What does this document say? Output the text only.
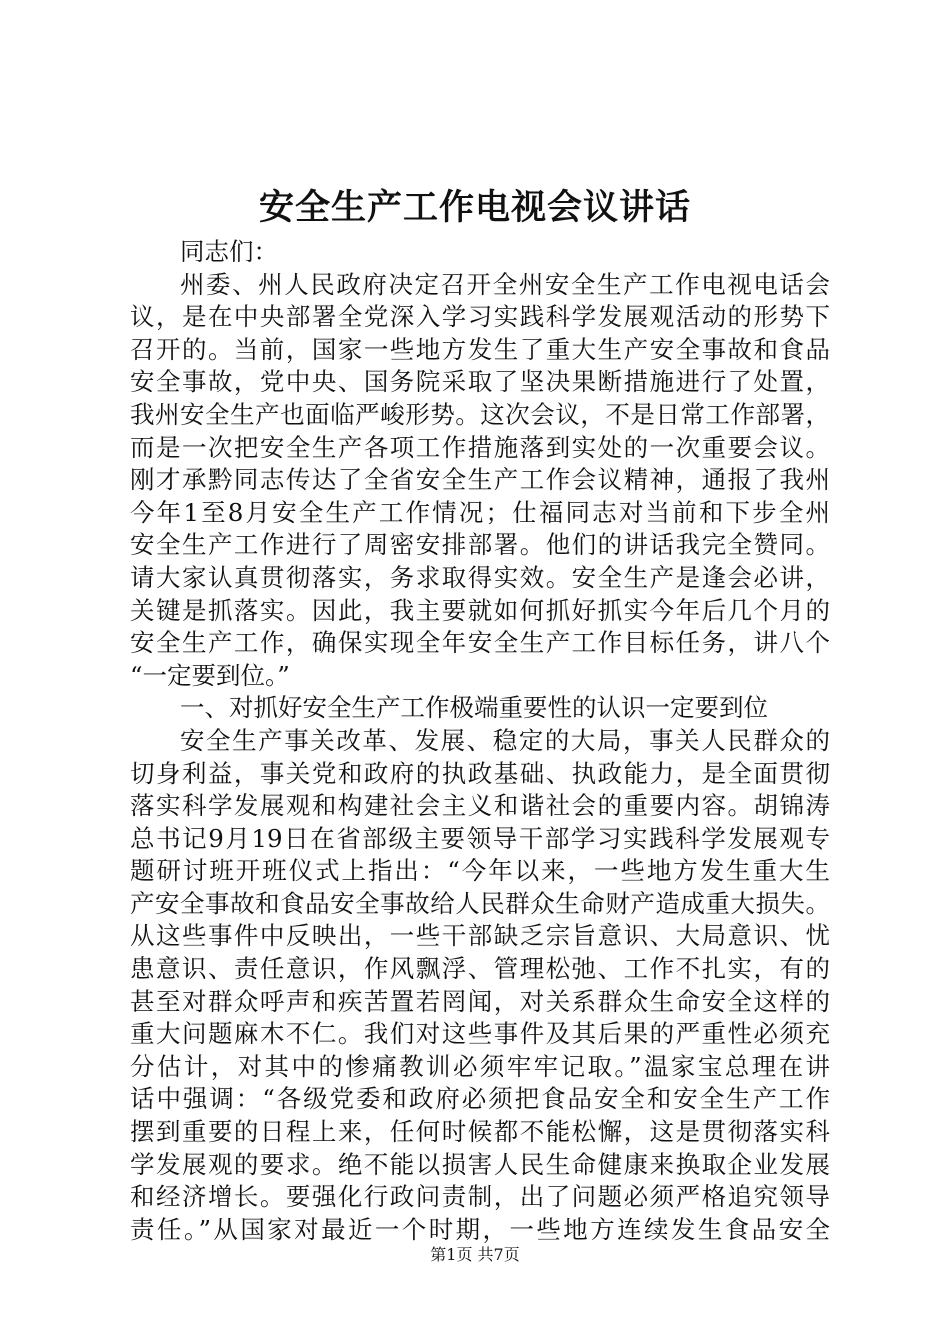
安全生产工作电视会议讲话
同志们：
州委、州人民政府决定召开全州安全生产工作电视电话会
议，是在中央部署全党深入学习实践科学发展观活动的形势下
召开的。当前，国家一些地方发生了重大生产安全事故和食品
安全事故，党中央、国务院采取了坚决果断措施进行了处置，
我州安全生产也面临严峻形势。这次会议，不是日常工作部署，
而是一次把安全生产各项工作措施落到实处的一次重要会议。
刚才承黔同志传达了全省安全生产工作会议精神，通报了我州
今年1至8月安全生产工作情况；仕福同志对当前和下步全州
安全生产工作进行了周密安排部署。他们的讲话我完全赞同。
请大家认真贯彻落实，务求取得实效。安全生产是逢会必讲，
关键是抓落实。因此，我主要就如何抓好抓实今年后几个月的
安全生产工作，确保实现全年安全生产工作目标任务，讲八个
“一定要到位。”
一、对抓好安全生产工作极端重要性的认识一定要到位
安全生产事关改革、发展、稳定的大局，事关人民群众的
切身利益，事关党和政府的执政基础、执政能力，是全面贯彻
落实科学发展观和构建社会主义和谐社会的重要内容。胡锦涛
总书记9月19日在省部级主要领导干部学习实践科学发展观专
题研讨班开班仪式上指出：“今年以来，一些地方发生重大生
产安全事故和食品安全事故给人民群众生命财产造成重大损失。
从这些事件中反映出，一些干部缺乏宗旨意识、大局意识、忧
患意识、责任意识，作风飘浮、管理松弛、工作不扎实，有的
甚至对群众呼声和疾苦置若罔闻，对关系群众生命安全这样的
重大问题麻木不仁。我们对这些事件及其后果的严重性必须充
分估计，对其中的惨痛教训必须牢牢记取。”温家宝总理在讲
话中强调：“各级党委和政府必须把食品安全和安全生产工作
摆到重要的日程上来，任何时候都不能松懈，这是贯彻落实科
学发展观的要求。绝不能以损害人民生命健康来换取企业发展
和经济增长。要强化行政问责制，出了问题必须严格追究领导
责任。”从国家对最近一个时期，一些地方连续发生食品安全
第1页 共7页
